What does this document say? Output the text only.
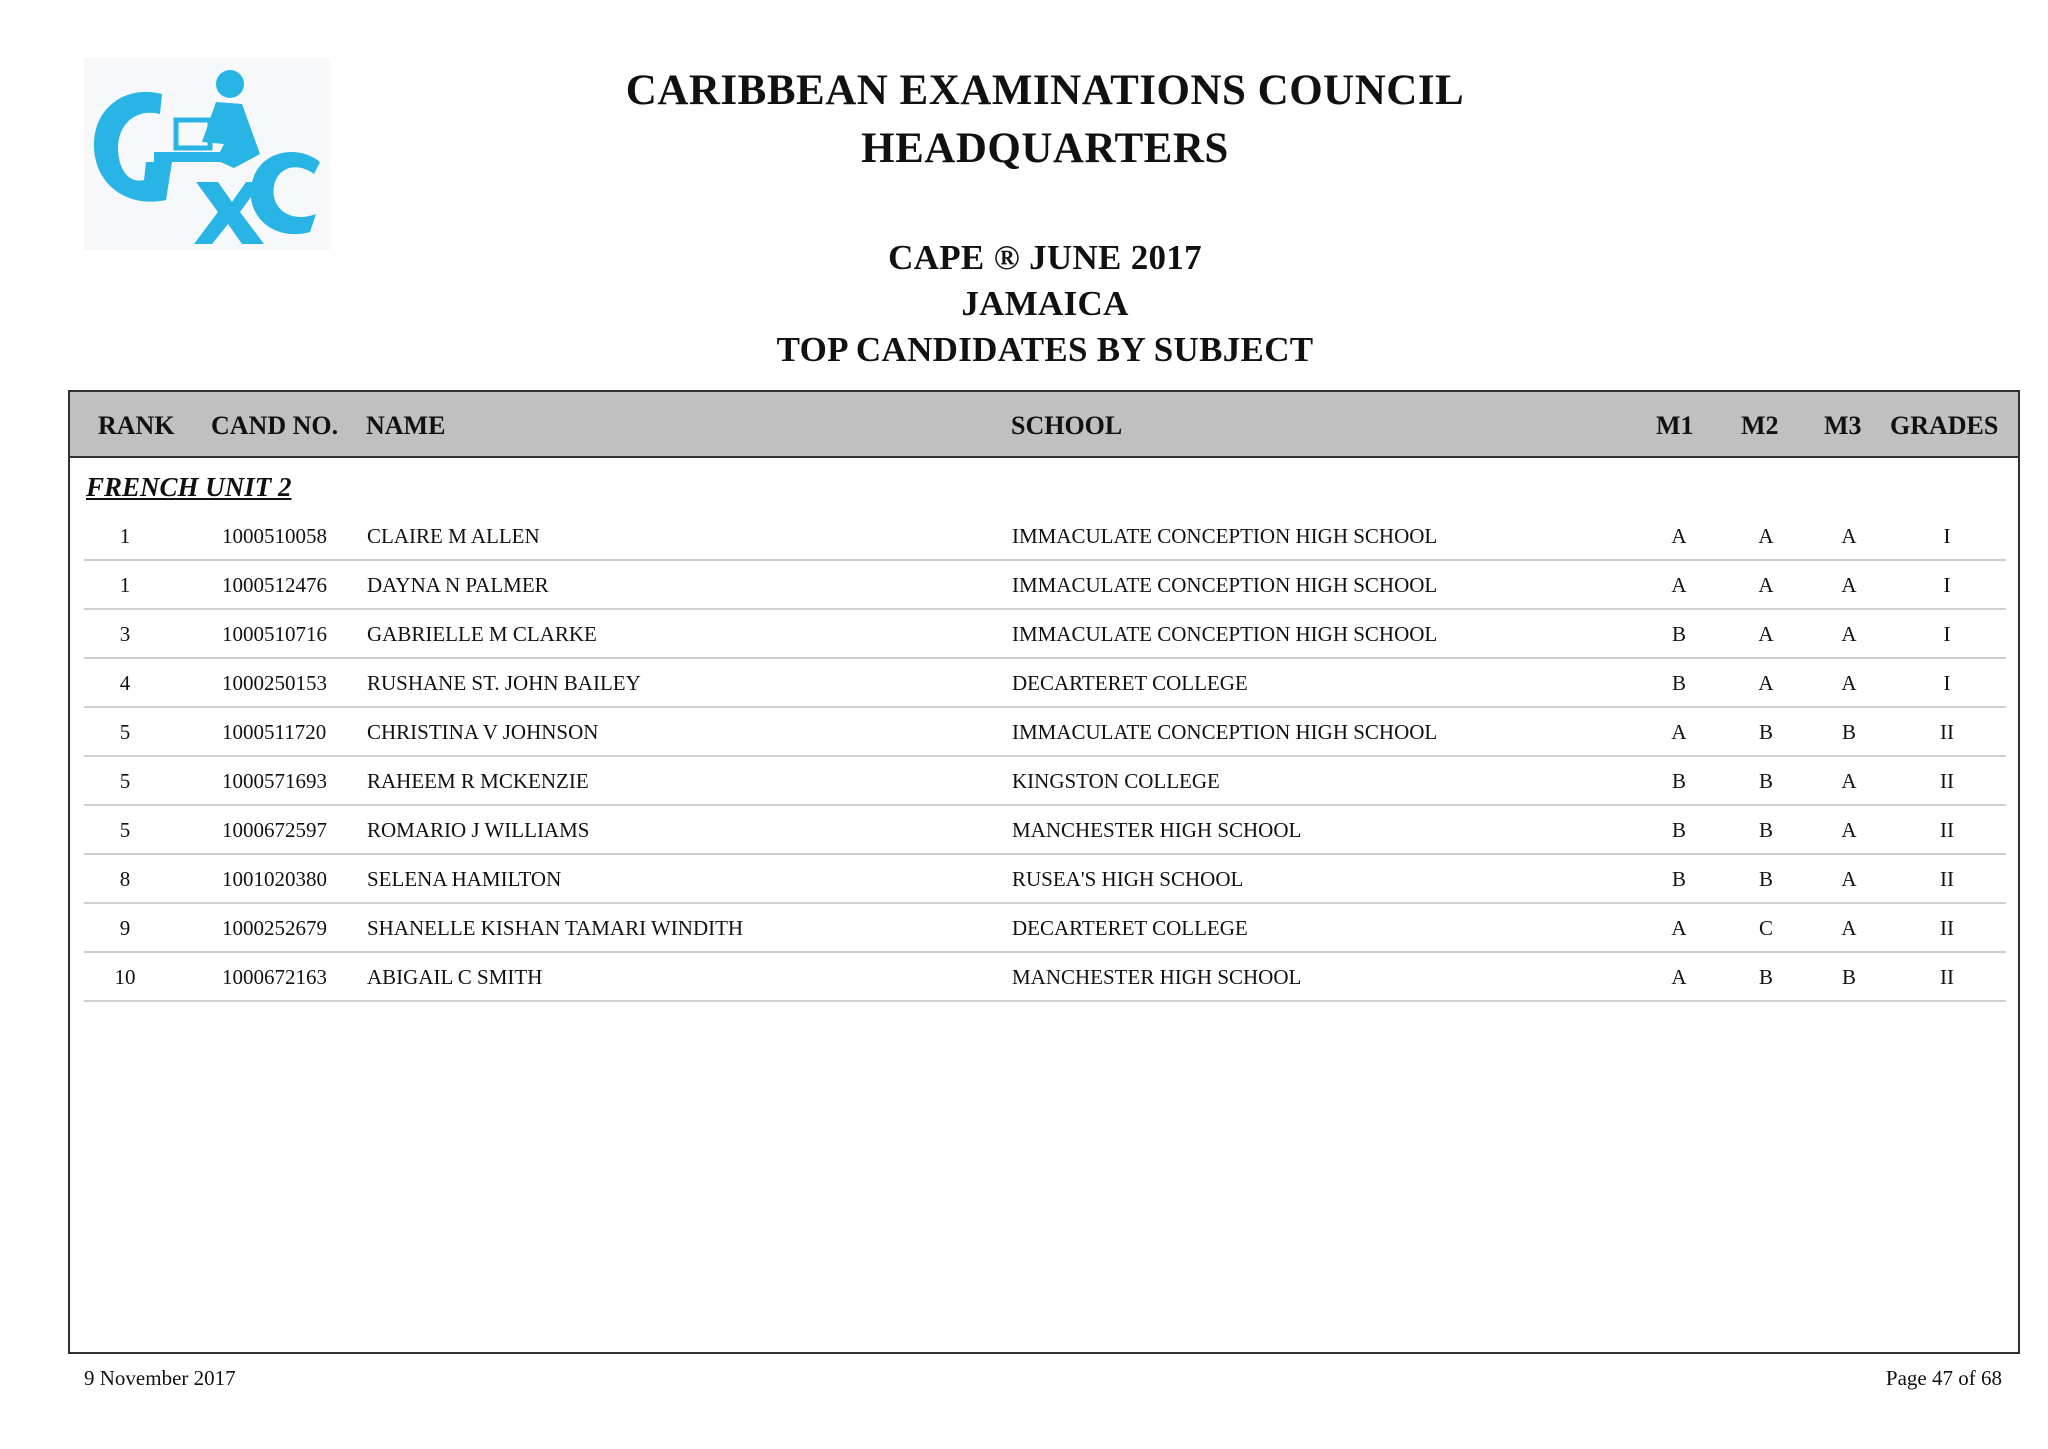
CARIBBEAN EXAMINATIONS COUNCIL
HEADQUARTERS
CAPE ® JUNE 2017
JAMAICA
TOP CANDIDATES BY SUBJECT
RANK CAND NO. NAME	SCHOOL	M1 M2 M3 GRADES
FRENCH UNIT 2
1	1000510058 CLAIRE M ALLEN	IMMACULATE CONCEPTION HIGH SCHOOL	A	A	A	I
1	1000512476 DAYNA N PALMER	IMMACULATE CONCEPTION HIGH SCHOOL	A	A	A	I
3	1000510716 GABRIELLE M CLARKE	IMMACULATE CONCEPTION HIGH SCHOOL	B	A	A	I
4	1000250153 RUSHANE ST. JOHN BAILEY	DECARTERET COLLEGE	B	A	A	I
5	1000511720 CHRISTINA V JOHNSON	IMMACULATE CONCEPTION HIGH SCHOOL	A	B	B	II
5	1000571693 RAHEEM R MCKENZIE	KINGSTON COLLEGE	B	B	A	II
5	1000672597 ROMARIO J WILLIAMS	MANCHESTER HIGH SCHOOL	B	B	A	II
8	1001020380 SELENA HAMILTON	RUSEA'S HIGH SCHOOL	B	B	A	II
9	1000252679 SHANELLE KISHAN TAMARI WINDITH	DECARTERET COLLEGE	A	C	A	II
10	1000672163 ABIGAIL C SMITH	MANCHESTER HIGH SCHOOL	A	B	B	II
9 November 2017	Page 47 of 68
